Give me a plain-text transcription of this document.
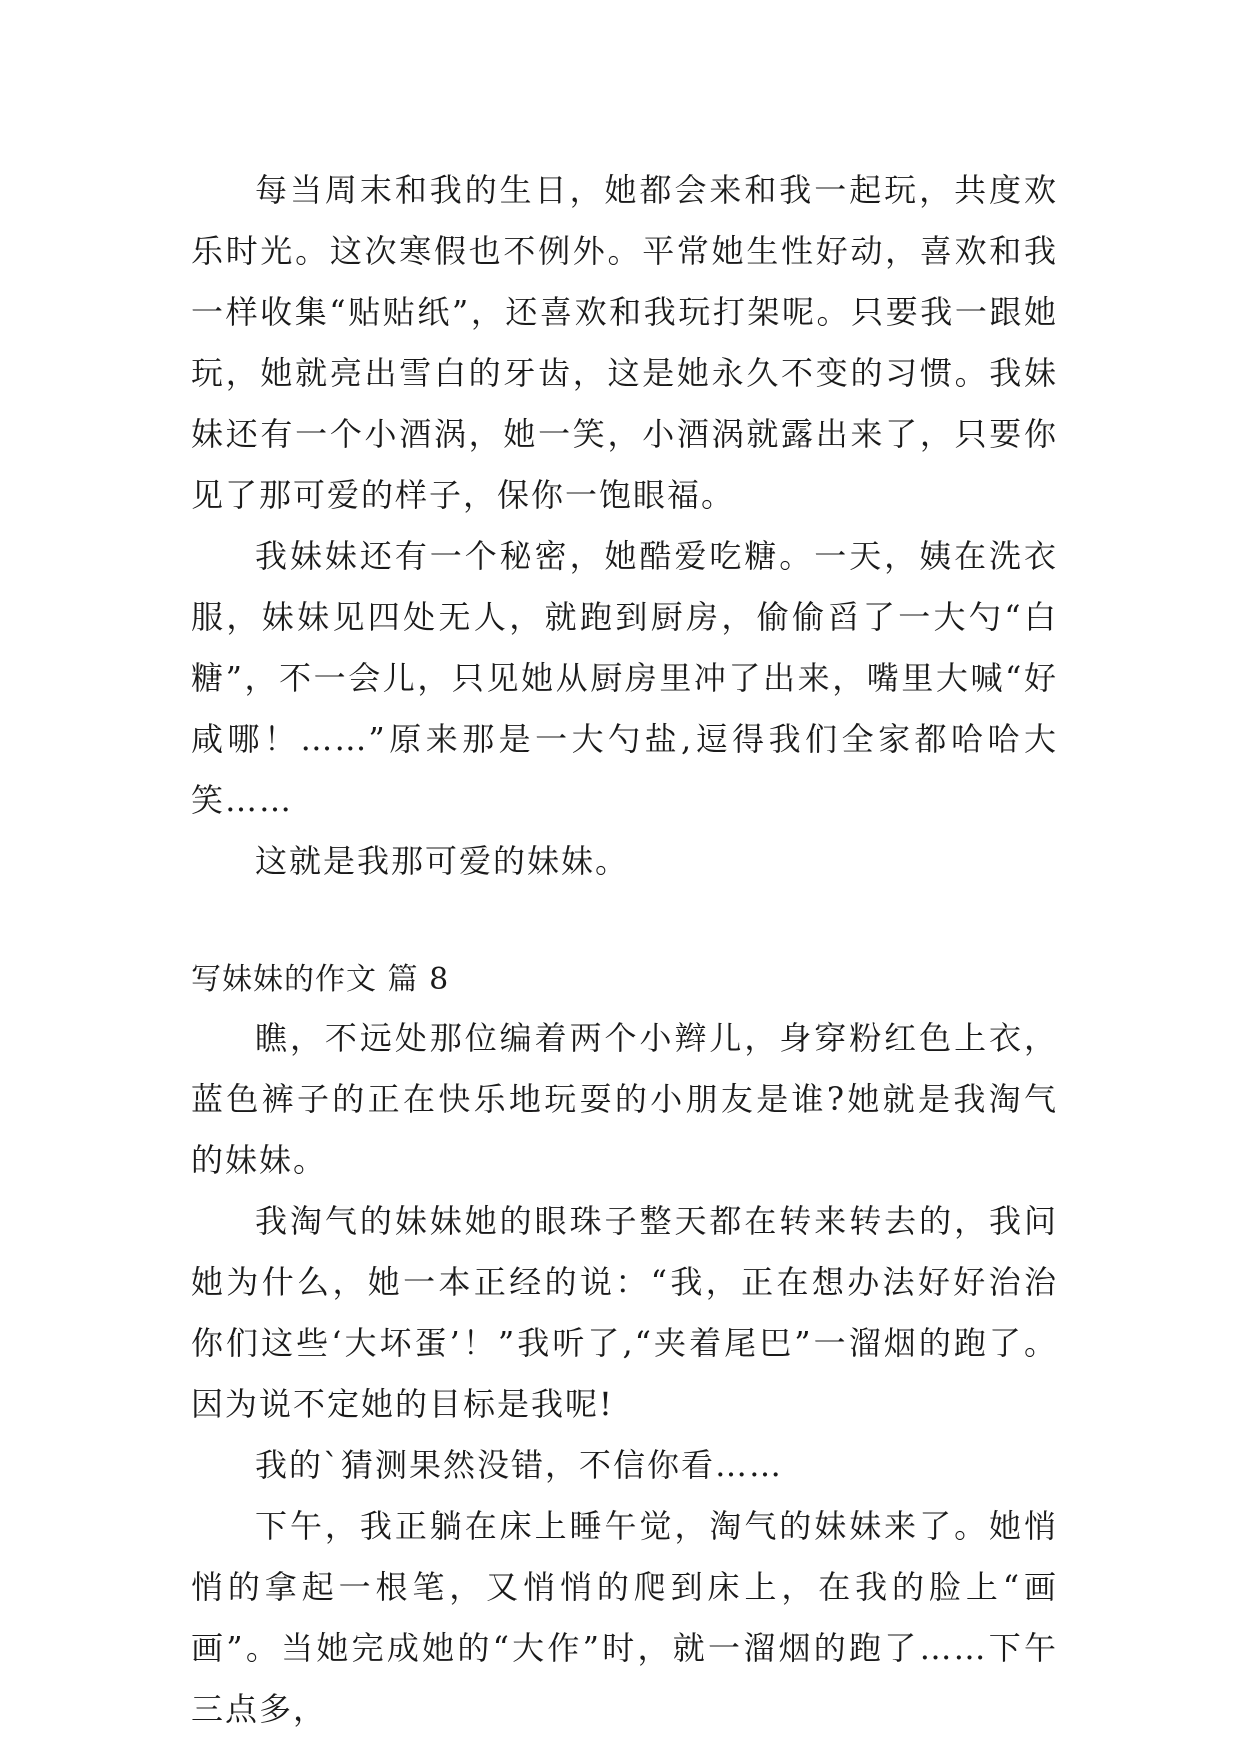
每当周末和我的生日，她都会来和我一起玩，共度欢乐时光。这次寒假也不例外。平常她生性好动，喜欢和我一样收集“贴贴纸”，还喜欢和我玩打架呢。只要我一跟她玩，她就亮出雪白的牙齿，这是她永久不变的习惯。我妹妹还有一个小酒涡，她一笑，小酒涡就露出来了，只要你见了那可爱的样子，保你一饱眼福。

我妹妹还有一个秘密，她酷爱吃糖。一天，姨在洗衣服，妹妹见四处无人，就跑到厨房，偷偷舀了一大勺“白糖”，不一会儿，只见她从厨房里冲了出来，嘴里大喊“好咸哪！……”原来那是一大勺盐,逗得我们全家都哈哈大笑……

这就是我那可爱的妹妹。

写妹妹的作文 篇 8

瞧，不远处那位编着两个小辫儿，身穿粉红色上衣，蓝色裤子的正在快乐地玩耍的小朋友是谁?她就是我淘气的妹妹。

我淘气的妹妹她的眼珠子整天都在转来转去的，我问她为什么，她一本正经的说：“我，正在想办法好好治治你们这些‘大坏蛋’！”我听了,“夹着尾巴”一溜烟的跑了。因为说不定她的目标是我呢!

我的`猜测果然没错，不信你看……

下午，我正躺在床上睡午觉，淘气的妹妹来了。她悄悄的拿起一根笔，又悄悄的爬到床上，在我的脸上“画画”。当她完成她的“大作”时，就一溜烟的跑了……下午三点多，
